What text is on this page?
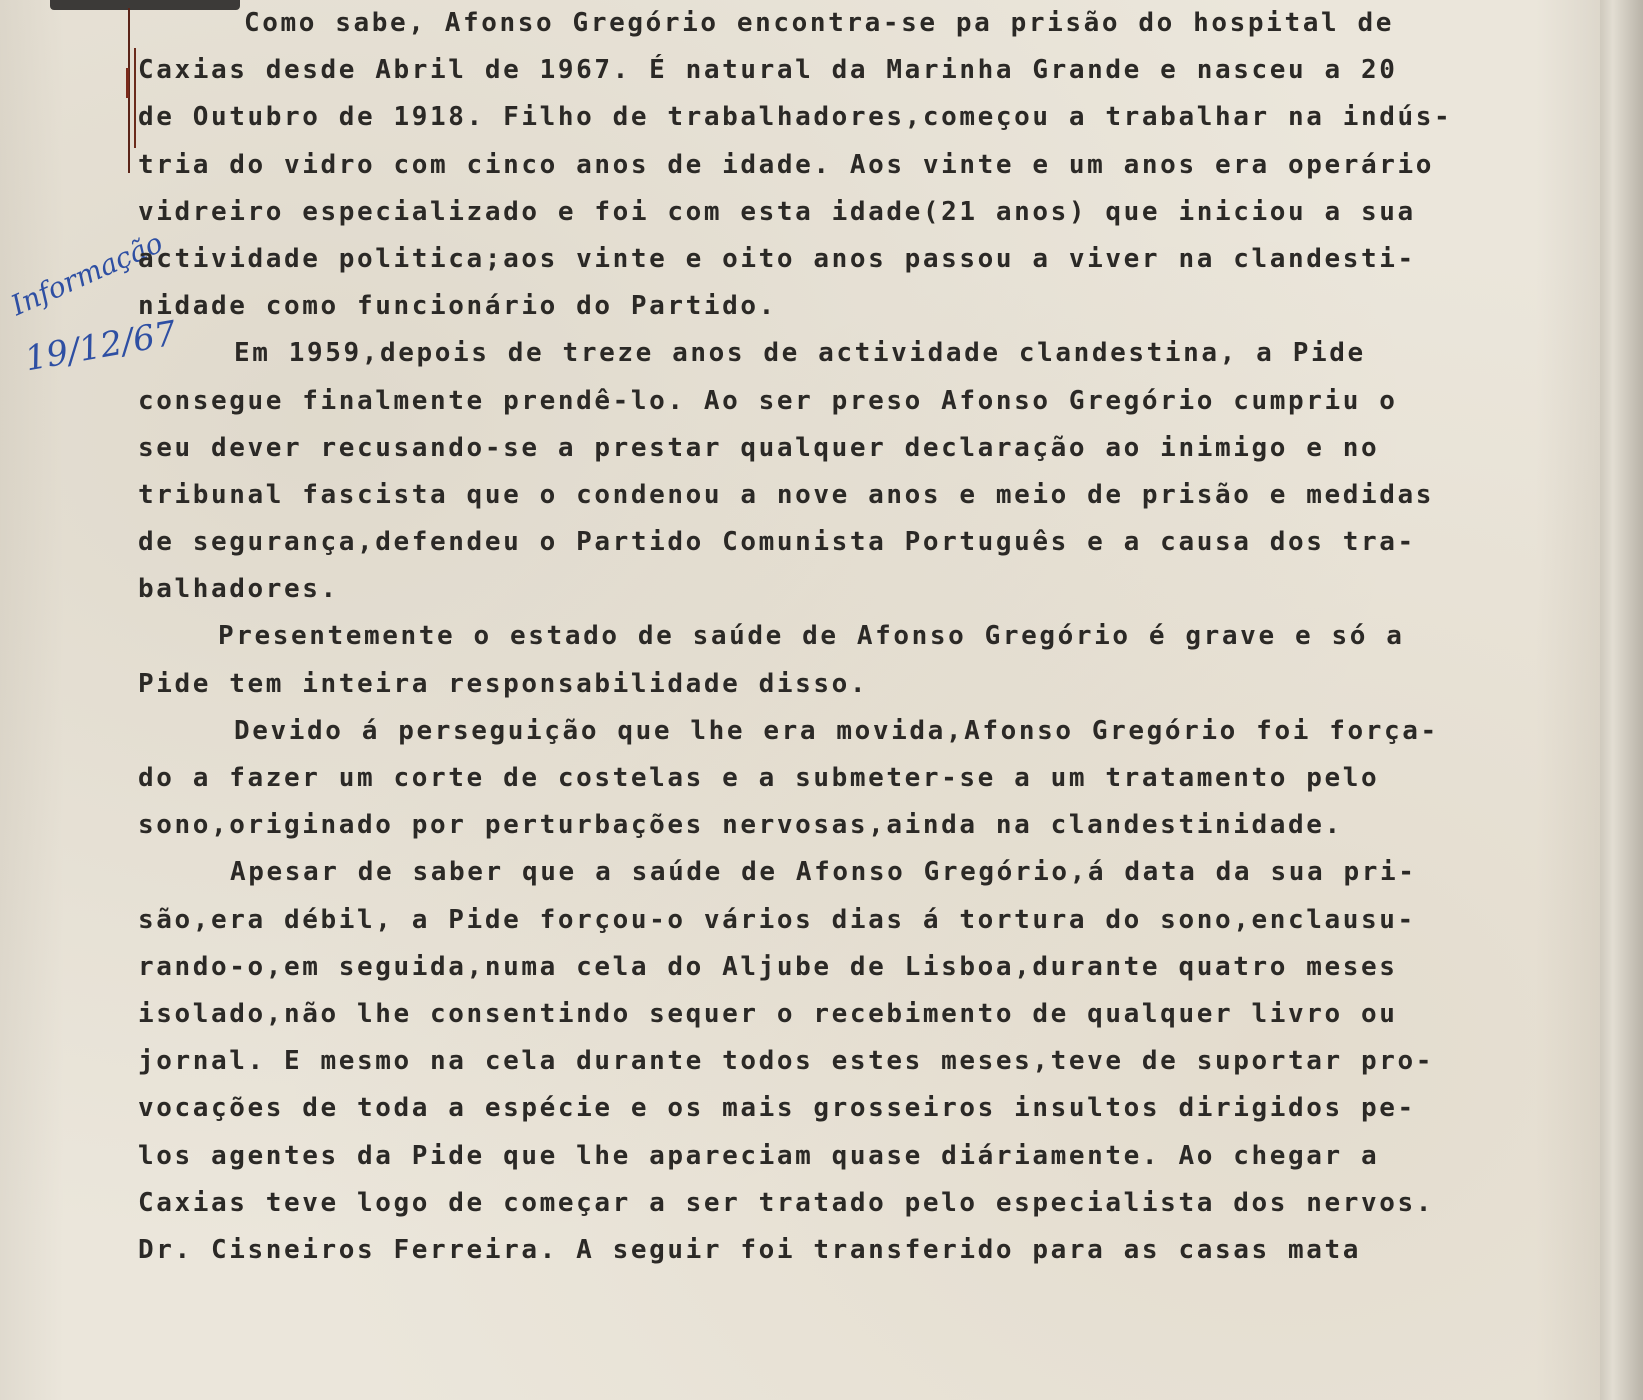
Informação
19/12/67
Como sabe, Afonso Gregório encontra-se pa prisão do hospital de
Caxias desde Abril de 1967. É natural da Marinha Grande e nasceu a 20
de Outubro de 1918. Filho de trabalhadores,começou a trabalhar na indús-
tria do vidro com cinco anos de idade. Aos vinte e um anos era operário
vidreiro especializado e foi com esta idade(21 anos) que iniciou a sua
actividade politica;aos vinte e oito anos passou a viver na clandesti-
nidade como funcionário do Partido.
Em 1959,depois de treze anos de actividade clandestina, a Pide
consegue finalmente prendê-lo. Ao ser preso Afonso Gregório cumpriu o
seu dever recusando-se a prestar qualquer declaração ao inimigo e no
tribunal fascista que o condenou a nove anos e meio de prisão e medidas
de segurança,defendeu o Partido Comunista Português e a causa dos tra-
balhadores.
Presentemente o estado de saúde de Afonso Gregório é grave e só a
Pide tem inteira responsabilidade disso.
Devido á perseguição que lhe era movida,Afonso Gregório foi força-
do a fazer um corte de costelas e a submeter-se a um tratamento pelo
sono,originado por perturbações nervosas,ainda na clandestinidade.
Apesar de saber que a saúde de Afonso Gregório,á data da sua pri-
são,era débil, a Pide forçou-o vários dias á tortura do sono,enclausu-
rando-o,em seguida,numa cela do Aljube de Lisboa,durante quatro meses
isolado,não lhe consentindo sequer o recebimento de qualquer livro ou
jornal. E mesmo na cela durante todos estes meses,teve de suportar pro-
vocações de toda a espécie e os mais grosseiros insultos dirigidos pe-
los agentes da Pide que lhe apareciam quase diáriamente. Ao chegar a
Caxias teve logo de começar a ser tratado pelo especialista dos nervos.
Dr. Cisneiros Ferreira. A seguir foi transferido para as casas mata
